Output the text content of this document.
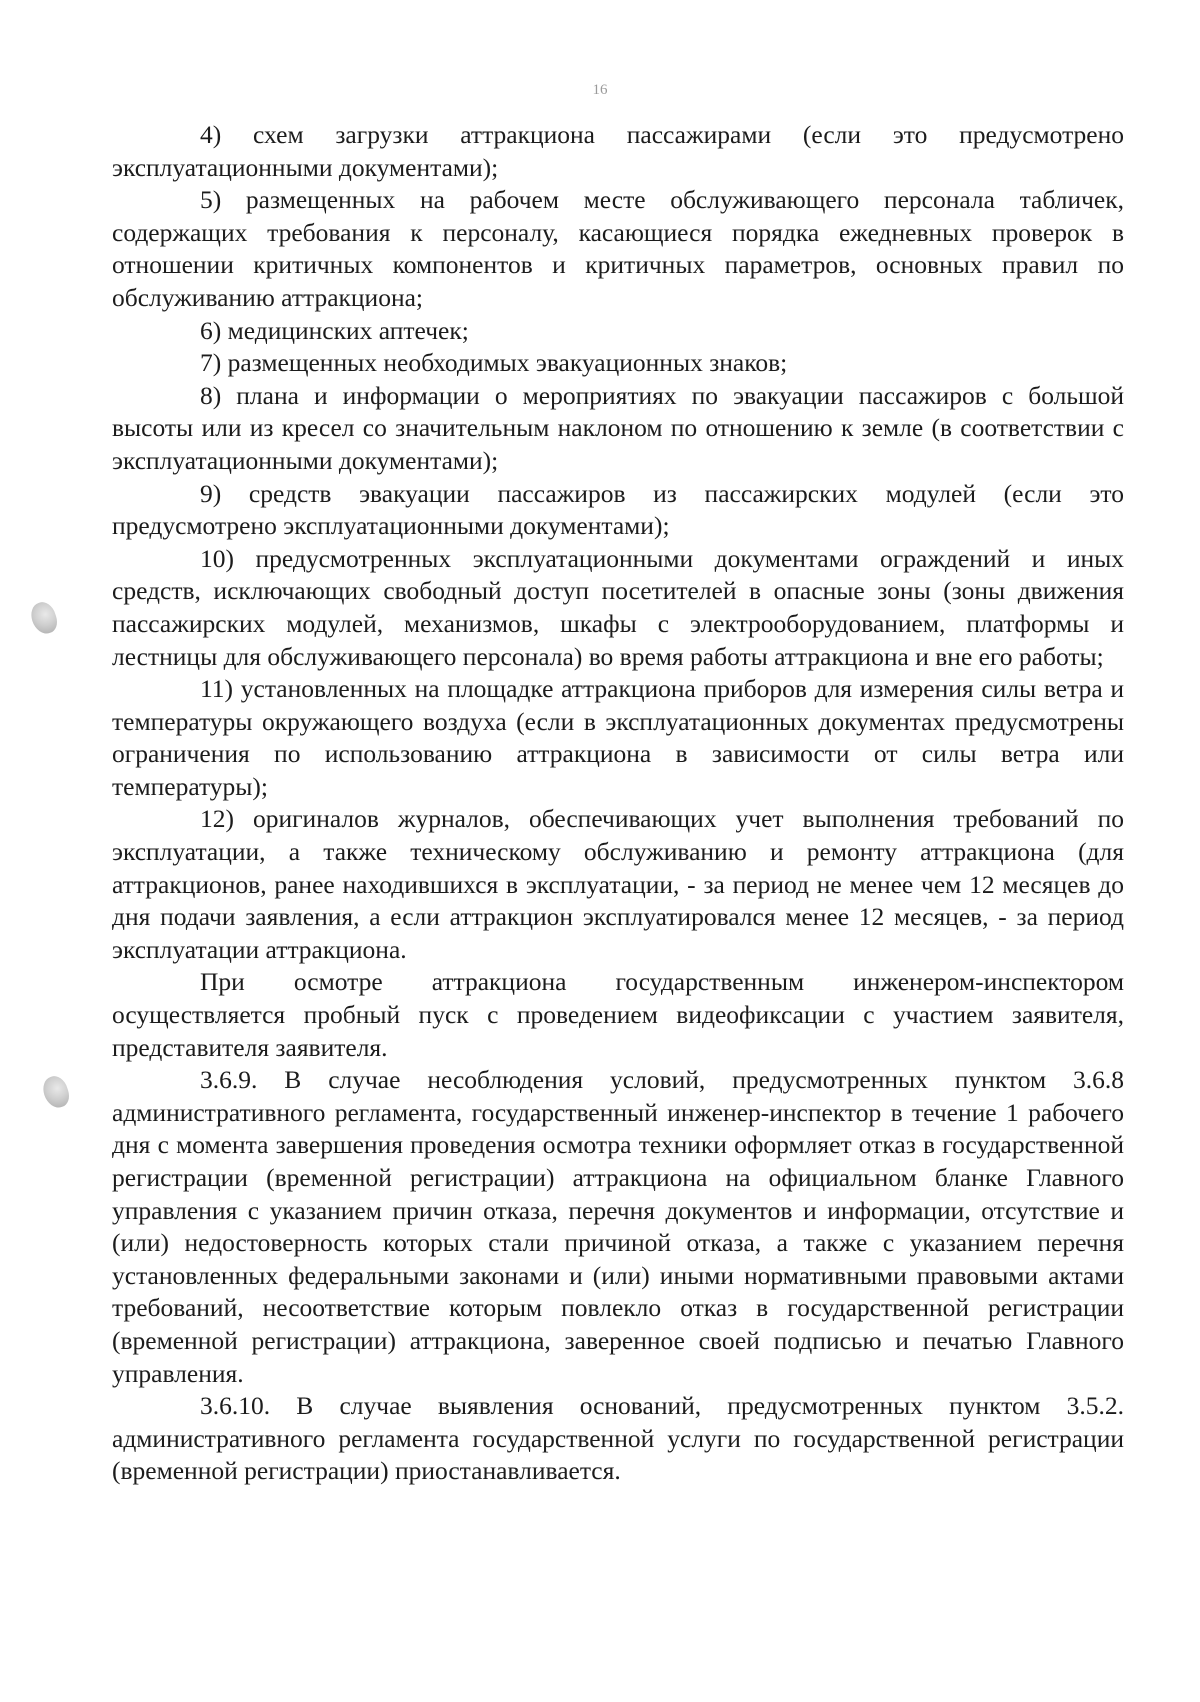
16

4) схем загрузки аттракциона пассажирами (если это предусмотрено эксплуатационными документами);

5) размещенных на рабочем месте обслуживающего персонала табличек, содержащих требования к персоналу, касающиеся порядка ежедневных проверок в отношении критичных компонентов и критичных параметров, основных правил по обслуживанию аттракциона;

6) медицинских аптечек;

7) размещенных необходимых эвакуационных знаков;

8) плана и информации о мероприятиях по эвакуации пассажиров с большой высоты или из кресел со значительным наклоном по отношению к земле (в соответствии с эксплуатационными документами);

9) средств эвакуации пассажиров из пассажирских модулей (если это предусмотрено эксплуатационными документами);

10) предусмотренных эксплуатационными документами ограждений и иных средств, исключающих свободный доступ посетителей в опасные зоны (зоны движения пассажирских модулей, механизмов, шкафы с электрооборудованием, платформы и лестницы для обслуживающего персонала) во время работы аттракциона и вне его работы;

11) установленных на площадке аттракциона приборов для измерения силы ветра и температуры окружающего воздуха (если в эксплуатационных документах предусмотрены ограничения по использованию аттракциона в зависимости от силы ветра или температуры);

12) оригиналов журналов, обеспечивающих учет выполнения требований по эксплуатации, а также техническому обслуживанию и ремонту аттракциона (для аттракционов, ранее находившихся в эксплуатации, - за период не менее чем 12 месяцев до дня подачи заявления, а если аттракцион эксплуатировался менее 12 месяцев, - за период эксплуатации аттракциона.

При осмотре аттракциона государственным инженером-инспектором осуществляется пробный пуск с проведением видеофиксации с участием заявителя, представителя заявителя.

3.6.9. В случае несоблюдения условий, предусмотренных пунктом 3.6.8 административного регламента, государственный инженер-инспектор в течение 1 рабочего дня с момента завершения проведения осмотра техники оформляет отказ в государственной регистрации (временной регистрации) аттракциона на официальном бланке Главного управления с указанием причин отказа, перечня документов и информации, отсутствие и (или) недостоверность которых стали причиной отказа, а также с указанием перечня установленных федеральными законами и (или) иными нормативными правовыми актами требований, несоответствие которым повлекло отказ в государственной регистрации (временной регистрации) аттракциона, заверенное своей подписью и печатью Главного управления.

3.6.10. В случае выявления оснований, предусмотренных пунктом 3.5.2. административного регламента государственной услуги по государственной регистрации (временной регистрации) приостанавливается.
